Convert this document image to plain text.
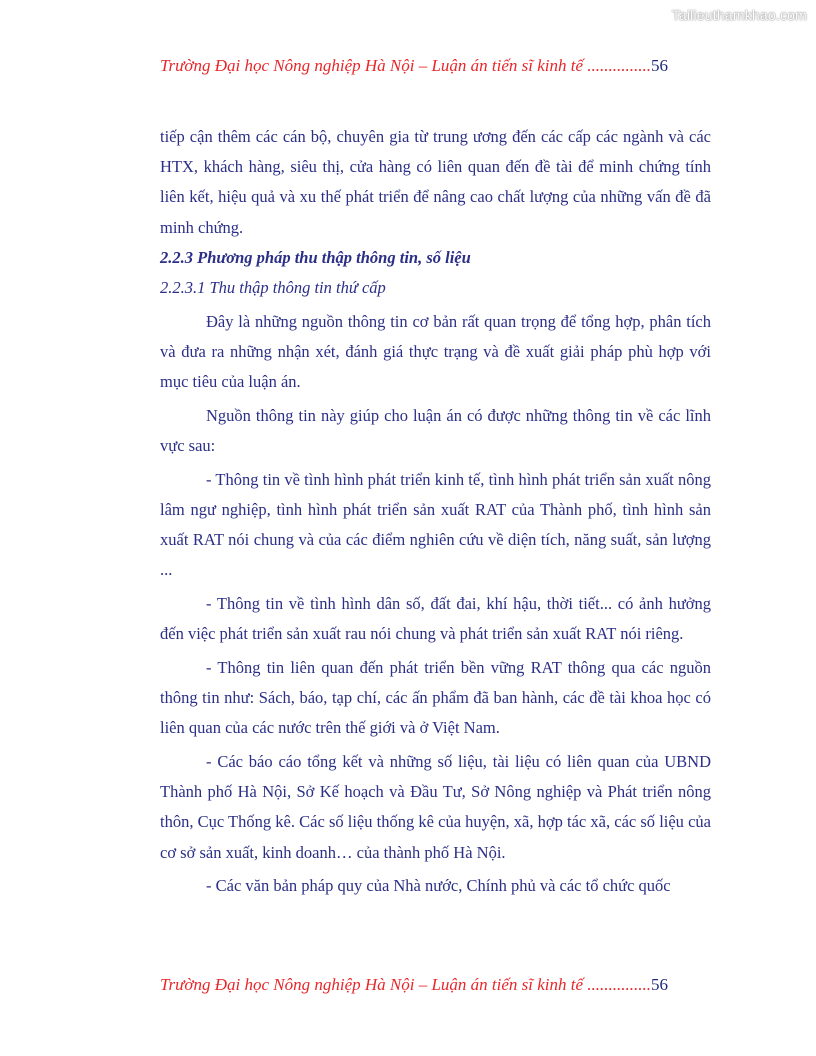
Tailieuthamkhao.com
Trường Đại học Nông nghiệp Hà Nội – Luận án tiến sĩ kinh tế ...............56

tiếp cận thêm các cán bộ, chuyên gia từ trung ương đến các cấp các ngành và các HTX, khách hàng, siêu thị, cửa hàng có liên quan đến đề tài để minh chứng tính liên kết, hiệu quả và xu thế phát triển để nâng cao chất lượng của những vấn đề đã minh chứng.

2.2.3 Phương pháp thu thập thông tin, số liệu

2.2.3.1 Thu thập thông tin thứ cấp

Đây là những nguồn thông tin cơ bản rất quan trọng để tổng hợp, phân tích và đưa ra những nhận xét, đánh giá thực trạng và đề xuất giải pháp phù hợp với mục tiêu của luận án.

Nguồn thông tin này giúp cho luận án có được những thông tin về các lĩnh vực sau:

- Thông tin về tình hình phát triển kinh tế, tình hình phát triển sản xuất nông lâm ngư nghiệp, tình hình phát triển sản xuất RAT của Thành phố, tình hình sản xuất RAT nói chung và của các điểm nghiên cứu về diện tích, năng suất, sản lượng ...

- Thông tin về tình hình dân số, đất đai, khí hậu, thời tiết... có ảnh hưởng đến việc phát triển sản xuất rau nói chung và phát triển sản xuất RAT nói riêng.

- Thông tin liên quan đến phát triển bền vững RAT thông qua các nguồn thông tin như: Sách, báo, tạp chí, các ấn phẩm đã ban hành, các đề tài khoa học có liên quan của các nước trên thế giới và ở Việt Nam.

- Các báo cáo tổng kết và những số liệu, tài liệu có liên quan của UBND Thành phố Hà Nội, Sở Kế hoạch và Đầu Tư, Sở Nông nghiệp và Phát triển nông thôn, Cục Thống kê. Các số liệu thống kê của huyện, xã, hợp tác xã, các số liệu của cơ sở sản xuất, kinh doanh… của thành phố Hà Nội.

- Các văn bản pháp quy của Nhà nước, Chính phủ và các tổ chức quốc

Trường Đại học Nông nghiệp Hà Nội – Luận án tiến sĩ kinh tế ...............56
